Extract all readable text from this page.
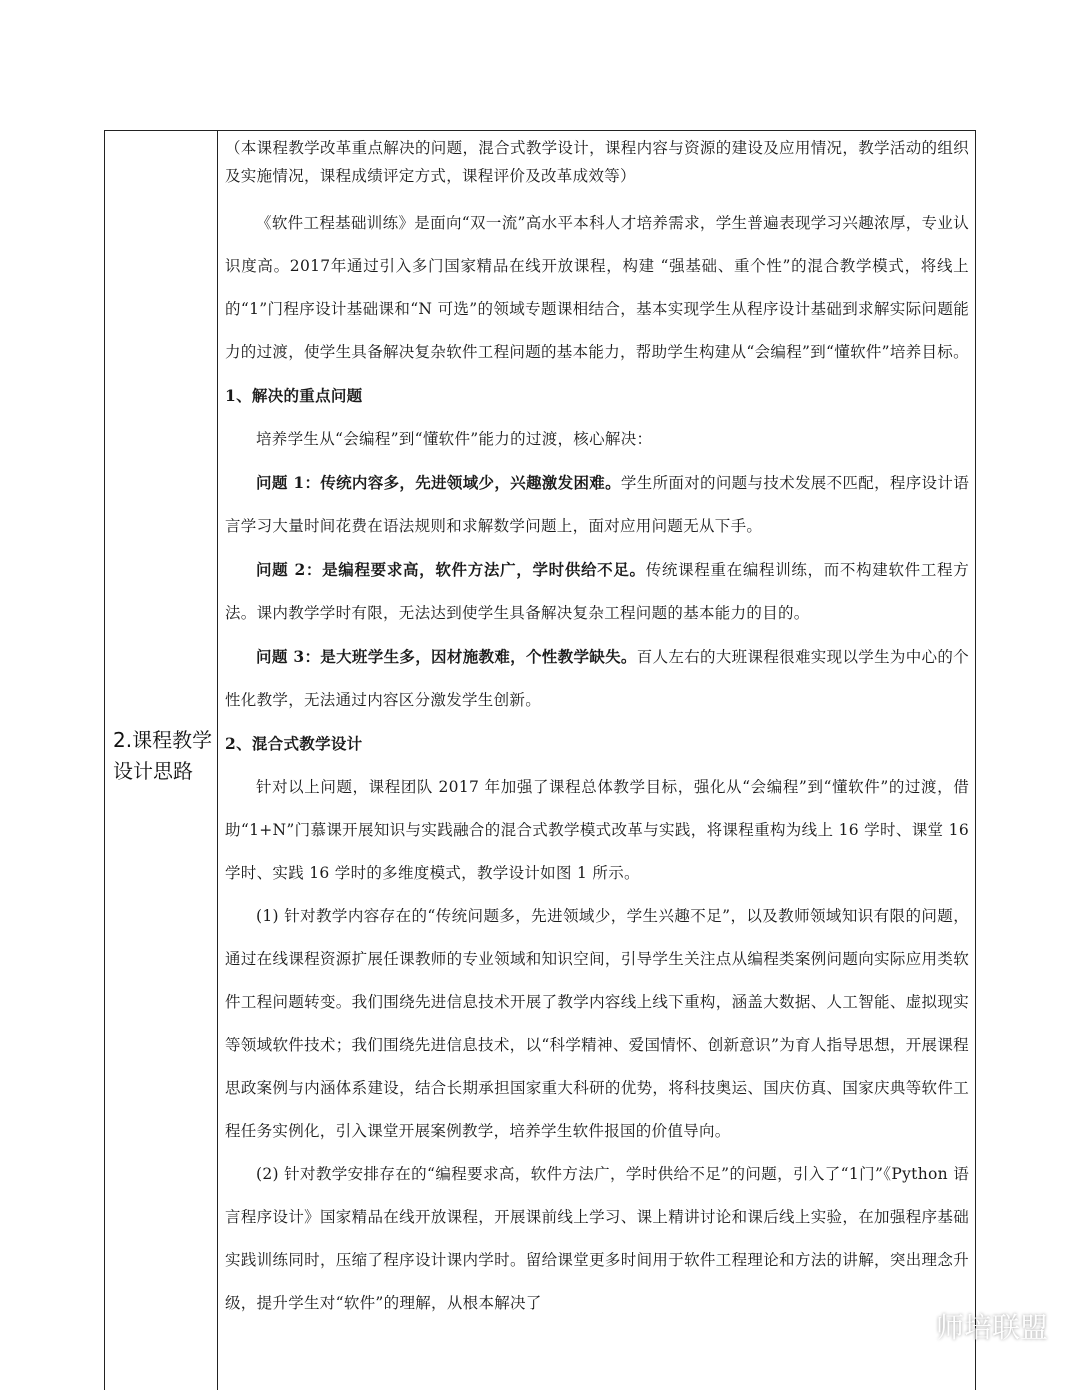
2.课程教学设计思路

（本课程教学改革重点解决的问题，混合式教学设计，课程内容与资源的建设及应用情况，教学活动的组织及实施情况，课程成绩评定方式，课程评价及改革成效等）

《软件工程基础训练》是面向“双一流”高水平本科人才培养需求，学生普遍表现学习兴趣浓厚，专业认识度高。2017年通过引入多门国家精品在线开放课程，构建 “强基础、重个性”的混合教学模式，将线上的“1”门程序设计基础课和“N 可选”的领域专题课相结合，基本实现学生从程序设计基础到求解实际问题能力的过渡，使学生具备解决复杂软件工程问题的基本能力，帮助学生构建从“会编程”到“懂软件”培养目标。

1、解决的重点问题

培养学生从“会编程”到“懂软件”能力的过渡，核心解决：

问题 1：传统内容多，先进领域少，兴趣激发困难。学生所面对的问题与技术发展不匹配，程序设计语言学习大量时间花费在语法规则和求解数学问题上，面对应用问题无从下手。

问题 2：是编程要求高，软件方法广，学时供给不足。传统课程重在编程训练，而不构建软件工程方法。课内教学学时有限，无法达到使学生具备解决复杂工程问题的基本能力的目的。

问题 3：是大班学生多，因材施教难，个性教学缺失。百人左右的大班课程很难实现以学生为中心的个性化教学，无法通过内容区分激发学生创新。

2、混合式教学设计

针对以上问题，课程团队 2017 年加强了课程总体教学目标，强化从“会编程”到“懂软件”的过渡，借助“1+N”门慕课开展知识与实践融合的混合式教学模式改革与实践，将课程重构为线上 16 学时、课堂 16 学时、实践 16 学时的多维度模式，教学设计如图 1 所示。

(1) 针对教学内容存在的“传统问题多，先进领域少，学生兴趣不足”，以及教师领域知识有限的问题，通过在线课程资源扩展任课教师的专业领域和知识空间，引导学生关注点从编程类案例问题向实际应用类软件工程问题转变。我们围绕先进信息技术开展了教学内容线上线下重构，涵盖大数据、人工智能、虚拟现实等领域软件技术；我们围绕先进信息技术，以“科学精神、爱国情怀、创新意识”为育人指导思想，开展课程思政案例与内涵体系建设，结合长期承担国家重大科研的优势，将科技奥运、国庆仿真、国家庆典等软件工程任务实例化，引入课堂开展案例教学，培养学生软件报国的价值导向。

(2) 针对教学安排存在的“编程要求高，软件方法广，学时供给不足”的问题，引入了“1门”《Python 语言程序设计》国家精品在线开放课程，开展课前线上学习、课上精讲讨论和课后线上实验，在加强程序基础实践训练同时，压缩了程序设计课内学时。留给课堂更多时间用于软件工程理论和方法的讲解，突出理念升级，提升学生对“软件”的理解，从根本解决了

师培联盟
